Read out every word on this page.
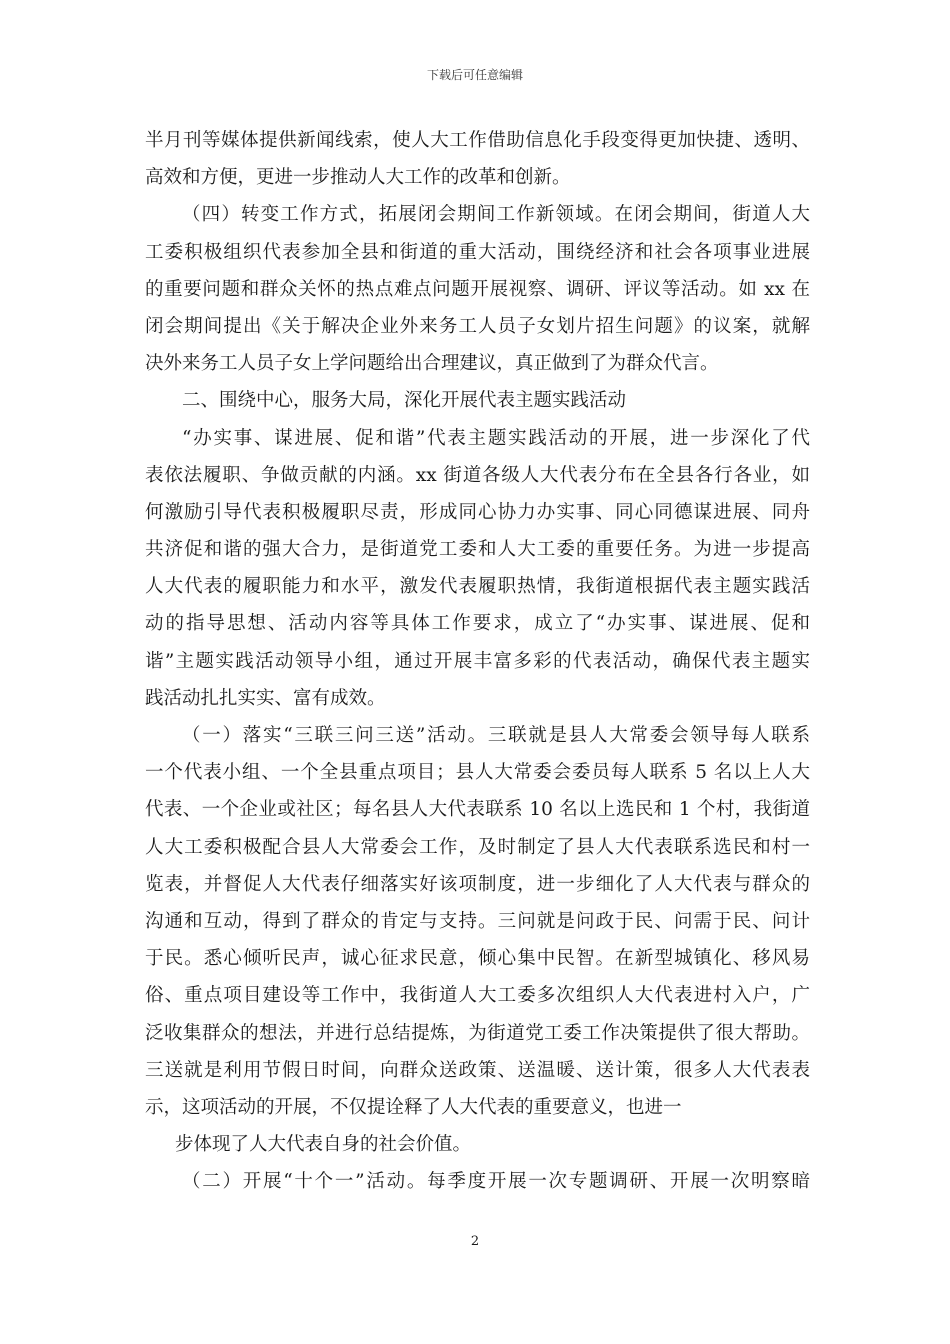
下载后可任意编辑
半月刊等媒体提供新闻线索，使人大工作借助信息化手段变得更加快捷、透明、
高效和方便，更进一步推动人大工作的改革和创新。
（四）转变工作方式，拓展闭会期间工作新领域。在闭会期间，街道人大
工委积极组织代表参加全县和街道的重大活动，围绕经济和社会各项事业进展
的重要问题和群众关怀的热点难点问题开展视察、调研、评议等活动。如 xx 在
闭会期间提出《关于解决企业外来务工人员子女划片招生问题》的议案，就解
决外来务工人员子女上学问题给出合理建议，真正做到了为群众代言。
二、围绕中心，服务大局，深化开展代表主题实践活动
“办实事、谋进展、促和谐”代表主题实践活动的开展，进一步深化了代
表依法履职、争做贡献的内涵。xx 街道各级人大代表分布在全县各行各业，如
何激励引导代表积极履职尽责，形成同心协力办实事、同心同德谋进展、同舟
共济促和谐的强大合力，是街道党工委和人大工委的重要任务。为进一步提高
人大代表的履职能力和水平，激发代表履职热情，我街道根据代表主题实践活
动的指导思想、活动内容等具体工作要求，成立了“办实事、谋进展、促和
谐”主题实践活动领导小组，通过开展丰富多彩的代表活动，确保代表主题实
践活动扎扎实实、富有成效。
（一）落实“三联三问三送”活动。三联就是县人大常委会领导每人联系
一个代表小组、一个全县重点项目；县人大常委会委员每人联系 5 名以上人大
代表、一个企业或社区；每名县人大代表联系 10 名以上选民和 1 个村，我街道
人大工委积极配合县人大常委会工作，及时制定了县人大代表联系选民和村一
览表，并督促人大代表仔细落实好该项制度，进一步细化了人大代表与群众的
沟通和互动，得到了群众的肯定与支持。三问就是问政于民、问需于民、问计
于民。悉心倾听民声，诚心征求民意，倾心集中民智。在新型城镇化、移风易
俗、重点项目建设等工作中，我街道人大工委多次组织人大代表进村入户，广
泛收集群众的想法，并进行总结提炼，为街道党工委工作决策提供了很大帮助。
三送就是利用节假日时间，向群众送政策、送温暖、送计策，很多人大代表表
示，这项活动的开展，不仅提诠释了人大代表的重要意义，也进一
步体现了人大代表自身的社会价值。
（二）开展“十个一”活动。每季度开展一次专题调研、开展一次明察暗
2
